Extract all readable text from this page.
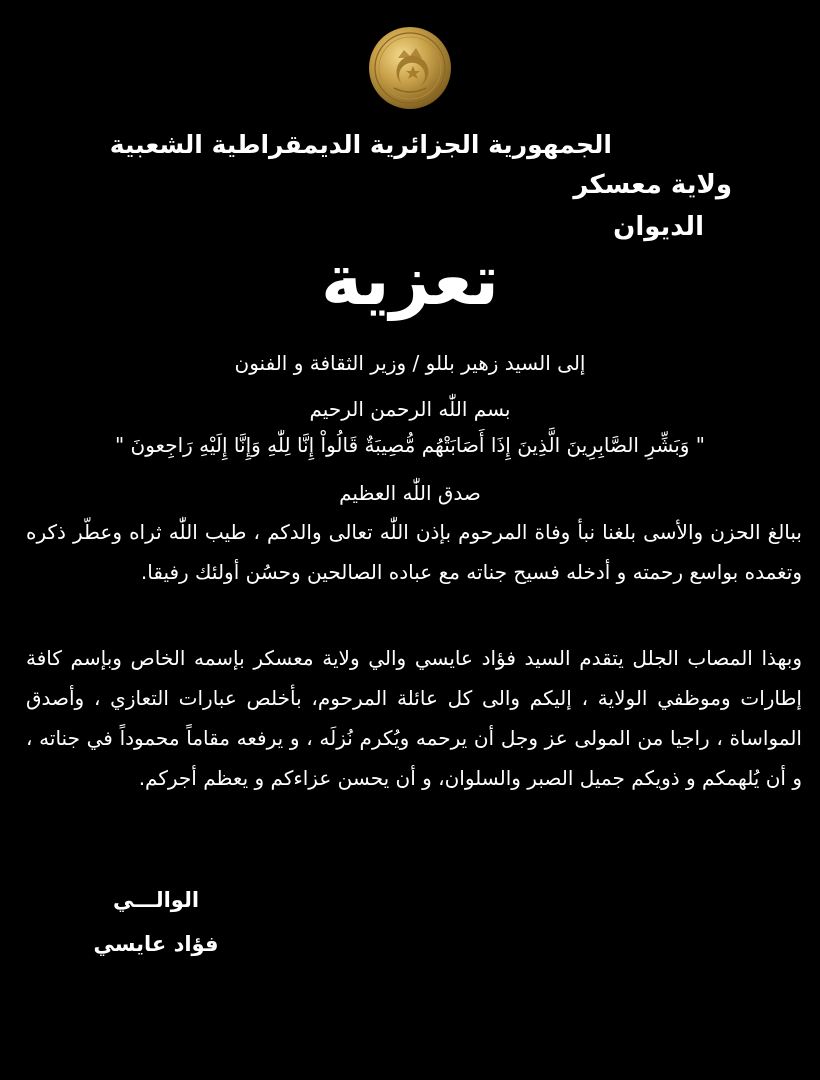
الجمهورية الجزائرية الديمقراطية الشعبية
ولاية معسكر
الديوان
تعزية
إلى السيد زهير بللو / وزير الثقافة و الفنون
بسم اللّٰه الرحمن الرحيم
" وَبَشِّرِ الصَّابِرِينَ الَّذِينَ إِذَا أَصَابَتْهُم مُّصِيبَةٌ قَالُواْ إِنَّا لِلّٰهِ وَإِنَّا إِلَيْهِ رَاجِعونَ "
صدق اللّٰه العظيم
ببالغ الحزن والأسى بلغنا نبأ وفاة المرحوم بإذن اللّٰه تعالى والدكم ، طيب اللّٰه ثراه وعطّر ذكره وتغمده بواسع رحمته و أدخله فسيح جناته مع عباده الصالحين وحسُن أولئك رفيقا.
وبهذا المصاب الجلل يتقدم السيد فؤاد عايسي والي ولاية معسكر بإسمه الخاص وبإسم كافة إطارات وموظفي الولاية ، إليكم والى كل عائلة المرحوم، بأخلص عبارات التعازي ، وأصدق المواساة ، راجيا من المولى عز وجل أن يرحمه ويُكرم نُزلَه ، و يرفعه مقاماً محموداً في جناته ، و أن يُلهمكم و ذويكم جميل الصبر والسلوان، و أن يحسن عزاءكم و يعظم أجركم.
الوالـــي
فؤاد عايسي
